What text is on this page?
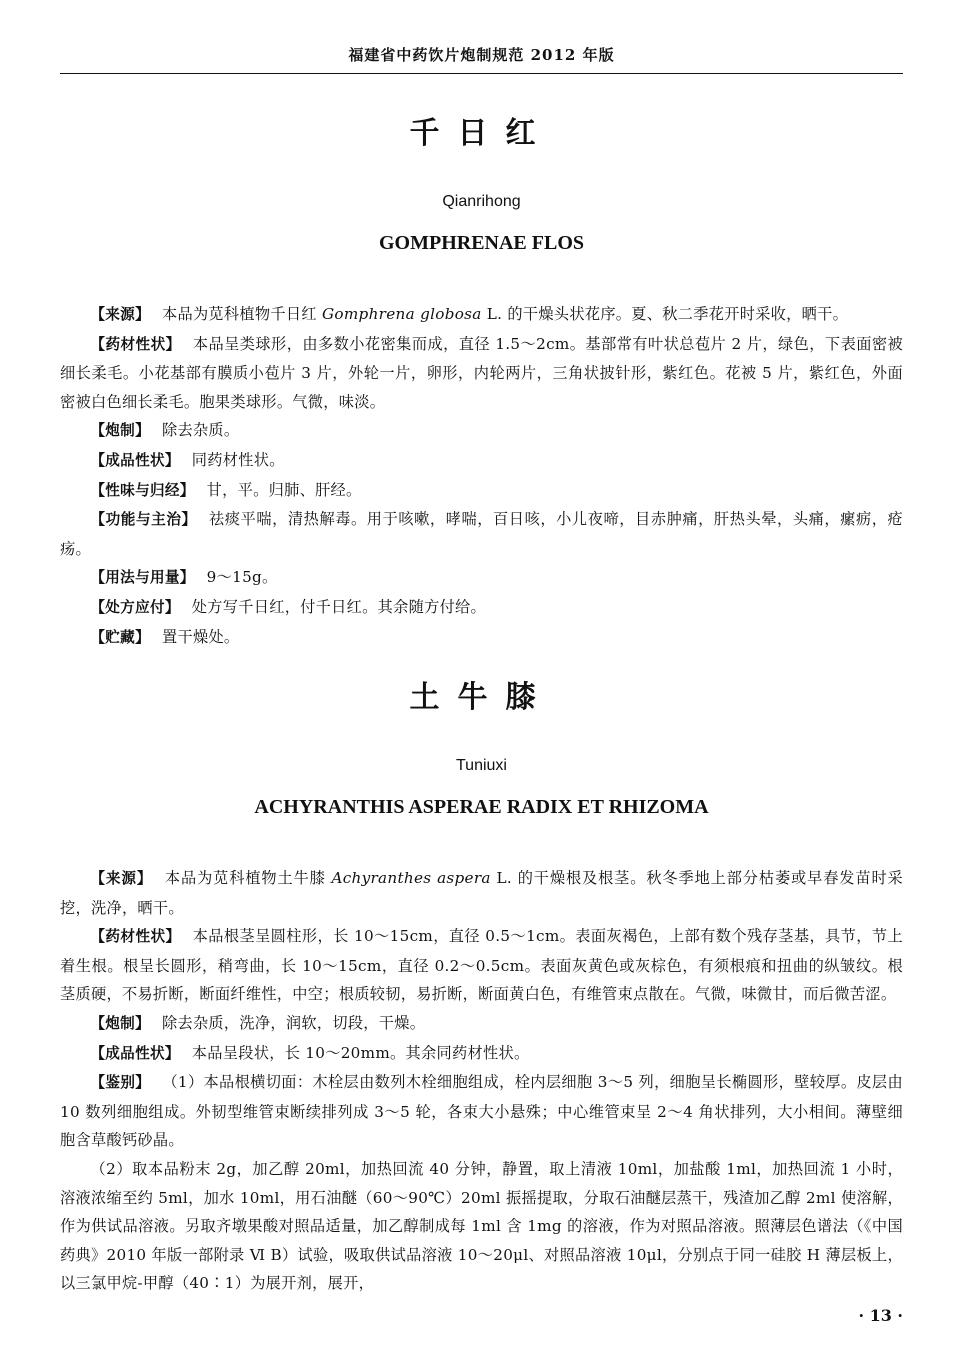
福建省中药饮片炮制规范 2012 年版
千日红
Qianrihong
GOMPHRENAE FLOS

【来源】 本品为苋科植物千日红 Gomphrena globosa L. 的干燥头状花序。夏、秋二季花开时采收，晒干。

【药材性状】 本品呈类球形，由多数小花密集而成，直径 1.5～2cm。基部常有叶状总苞片 2 片，绿色，下表面密被细长柔毛。小花基部有膜质小苞片 3 片，外轮一片，卵形，内轮两片，三角状披针形，紫红色。花被 5 片，紫红色，外面密被白色细长柔毛。胞果类球形。气微，味淡。

【炮制】 除去杂质。

【成品性状】 同药材性状。

【性味与归经】 甘，平。归肺、肝经。

【功能与主治】 祛痰平喘，清热解毒。用于咳嗽，哮喘，百日咳，小儿夜啼，目赤肿痛，肝热头晕，头痛，瘰疬，疮疡。

【用法与用量】 9～15g。

【处方应付】 处方写千日红，付千日红。其余随方付给。

【贮藏】 置干燥处。

土牛膝
Tuniuxi
ACHYRANTHIS ASPERAE RADIX ET RHIZOMA

【来源】 本品为苋科植物土牛膝 Achyranthes aspera L. 的干燥根及根茎。秋冬季地上部分枯萎或早春发苗时采挖，洗净，晒干。

【药材性状】 本品根茎呈圆柱形，长 10～15cm，直径 0.5～1cm。表面灰褐色，上部有数个残存茎基，具节，节上着生根。根呈长圆形，稍弯曲，长 10～15cm，直径 0.2～0.5cm。表面灰黄色或灰棕色，有须根痕和扭曲的纵皱纹。根茎质硬，不易折断，断面纤维性，中空；根质较韧，易折断，断面黄白色，有维管束点散在。气微，味微甘，而后微苦涩。

【炮制】 除去杂质，洗净，润软，切段，干燥。

【成品性状】 本品呈段状，长 10～20mm。其余同药材性状。

【鉴别】 （1）本品根横切面：木栓层由数列木栓细胞组成，栓内层细胞 3～5 列，细胞呈长椭圆形，壁较厚。皮层由 10 数列细胞组成。外韧型维管束断续排列成 3～5 轮，各束大小悬殊；中心维管束呈 2～4 角状排列，大小相间。薄壁细胞含草酸钙砂晶。

（2）取本品粉末 2g，加乙醇 20ml，加热回流 40 分钟，静置，取上清液 10ml，加盐酸 1ml，加热回流 1 小时，溶液浓缩至约 5ml，加水 10ml，用石油醚（60～90℃）20ml 振摇提取，分取石油醚层蒸干，残渣加乙醇 2ml 使溶解，作为供试品溶液。另取齐墩果酸对照品适量，加乙醇制成每 1ml 含 1mg 的溶液，作为对照品溶液。照薄层色谱法（《中国药典》2010 年版一部附录 Ⅵ B）试验，吸取供试品溶液 10～20μl、对照品溶液 10μl，分别点于同一硅胶 H 薄层板上，以三氯甲烷-甲醇（40∶1）为展开剂，展开，

· 13 ·
